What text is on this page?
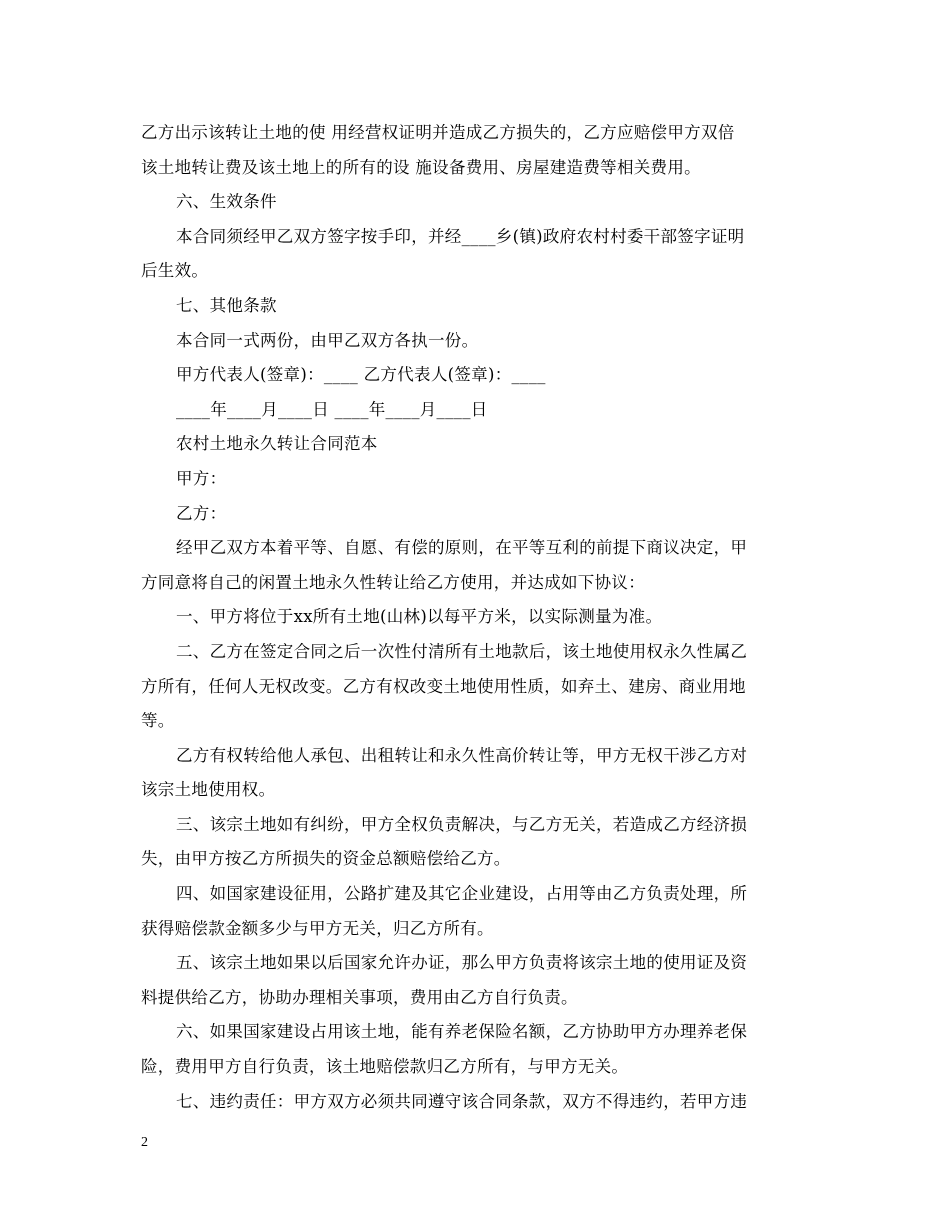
乙方出示该转让土地的使 用经营权证明并造成乙方损失的，乙方应赔偿甲方双倍
该土地转让费及该土地上的所有的设 施设备费用、房屋建造费等相关费用。
六、生效条件
本合同须经甲乙双方签字按手印，并经____乡(镇)政府农村村委干部签字证明
后生效。
七、其他条款
本合同一式两份，由甲乙双方各执一份。
甲方代表人(签章)：____ 乙方代表人(签章)：____
____年____月____日 ____年____月____日
农村土地永久转让合同范本
甲方：
乙方：
经甲乙双方本着平等、自愿、有偿的原则，在平等互利的前提下商议决定，甲
方同意将自己的闲置土地永久性转让给乙方使用，并达成如下协议：
一、甲方将位于xx所有土地(山林)以每平方米，以实际测量为准。
二、乙方在签定合同之后一次性付清所有土地款后，该土地使用权永久性属乙
方所有，任何人无权改变。乙方有权改变土地使用性质，如弃土、建房、商业用地
等。
乙方有权转给他人承包、出租转让和永久性高价转让等，甲方无权干涉乙方对
该宗土地使用权。
三、该宗土地如有纠纷，甲方全权负责解决，与乙方无关，若造成乙方经济损
失，由甲方按乙方所损失的资金总额赔偿给乙方。
四、如国家建设征用，公路扩建及其它企业建设，占用等由乙方负责处理，所
获得赔偿款金额多少与甲方无关，归乙方所有。
五、该宗土地如果以后国家允许办证，那么甲方负责将该宗土地的使用证及资
料提供给乙方，协助办理相关事项，费用由乙方自行负责。
六、如果国家建设占用该土地，能有养老保险名额，乙方协助甲方办理养老保
险，费用甲方自行负责，该土地赔偿款归乙方所有，与甲方无关。
七、违约责任：甲方双方必须共同遵守该合同条款，双方不得违约，若甲方违
2
